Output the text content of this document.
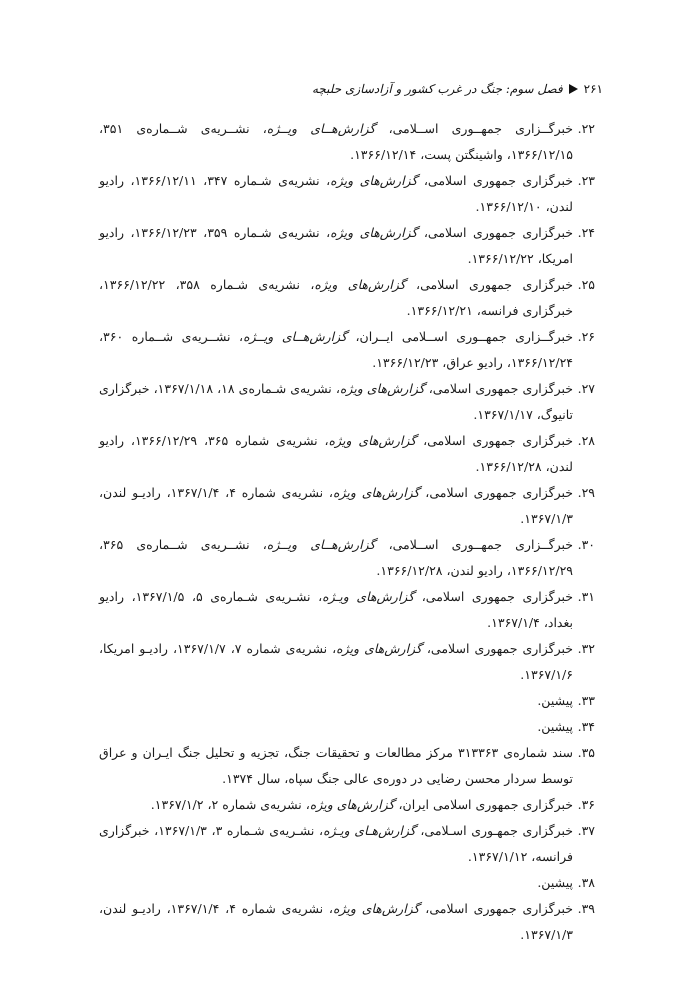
۲۶۱
فصل سوم: جنگ در غرب کشور و آزادسازی حلبچه
۲۲.
خبرگــزاری جمهــوری اســلامی، گزارش‌هــای ویــژه، نشــریه‌ی شــماره‌ی ۳۵۱، ۱۳۶۶/۱۲/۱۵، واشینگتن پست، ۱۳۶۶/۱۲/۱۴.
۲۳.
خبرگزاری جمهوری اسلامی، گزارش‌های ویژه، نشریه‌ی شـماره ۳۴۷، ۱۳۶۶/۱۲/۱۱، رادیو لندن، ۱۳۶۶/۱۲/۱۰.
۲۴.
خبرگزاری جمهوری اسلامی، گزارش‌های ویژه، نشریه‌ی شـماره ۳۵۹، ۱۳۶۶/۱۲/۲۳، رادیو امریکا، ۱۳۶۶/۱۲/۲۲.
۲۵.
خبرگزاری جمهوری اسلامی، گزارش‌های ویژه، نشریه‌ی شـماره ۳۵۸، ۱۳۶۶/۱۲/۲۲، خبرگزاری فرانسه، ۱۳۶۶/۱۲/۲۱.
۲۶.
خبرگــزاری جمهــوری اســلامی ایــران، گزارش‌هــای ویــژه، نشــریه‌ی شــماره ۳۶۰، ۱۳۶۶/۱۲/۲۴، رادیو عراق، ۱۳۶۶/۱۲/۲۳.
۲۷.
خبرگزاری جمهوری اسلامی، گزارش‌های ویژه، نشریه‌ی شـماره‌ی ۱۸، ۱۳۶۷/۱/۱۸، خبرگزاری تانیوگ، ۱۳۶۷/۱/۱۷.
۲۸.
خبرگزاری جمهوری اسلامی، گزارش‌های ویژه، نشریه‌ی شماره ۳۶۵، ۱۳۶۶/۱۲/۲۹، رادیو لندن، ۱۳۶۶/۱۲/۲۸.
۲۹.
خبرگزاری جمهوری اسلامی، گزارش‌های ویژه، نشریه‌ی شماره ۴، ۱۳۶۷/۱/۴، رادیـو لندن، ۱۳۶۷/۱/۳.
۳۰.
خبرگــزاری جمهــوری اســلامی، گزارش‌هــای ویــژه، نشــریه‌ی شــماره‌ی ۳۶۵، ۱۳۶۶/۱۲/۲۹، رادیو لندن، ۱۳۶۶/۱۲/۲۸.
۳۱.
خبرگزاری جمهوری اسلامی، گزارش‌های ویـژه، نشـریه‌ی شـماره‌ی ۵، ۱۳۶۷/۱/۵، رادیو بغداد، ۱۳۶۷/۱/۴.
۳۲.
خبرگزاری جمهوری اسلامی، گزارش‌های ویژه، نشریه‌ی شماره ۷، ۱۳۶۷/۱/۷، رادیـو امریکا، ۱۳۶۷/۱/۶.
۳۳.
پیشین.
۳۴.
پیشین.
۳۵.
سند شماره‌ی ۳۱۳۳۶۳ مرکز مطالعات و تحقیقات جنگ، تجزیه و تحلیل جنگ ایـران و عراق توسط سردار محسن رضایی در دوره‌ی عالی جنگ سپاه، سال ۱۳۷۴.
۳۶.
خبرگزاری جمهوری اسلامی ایران، گزارش‌های ویژه، نشریه‌ی شماره ۲، ۱۳۶۷/۱/۲.
۳۷.
خبرگزاری جمهـوری اسـلامی، گزارش‌هـای ویـژه، نشـریه‌ی شـماره ۳، ۱۳۶۷/۱/۳، خبرگزاری فرانسه، ۱۳۶۷/۱/۱۲.
۳۸.
پیشین.
۳۹.
خبرگزاری جمهوری اسلامی، گزارش‌های ویژه، نشریه‌ی شماره ۴، ۱۳۶۷/۱/۴، رادیـو لندن، ۱۳۶۷/۱/۳.
